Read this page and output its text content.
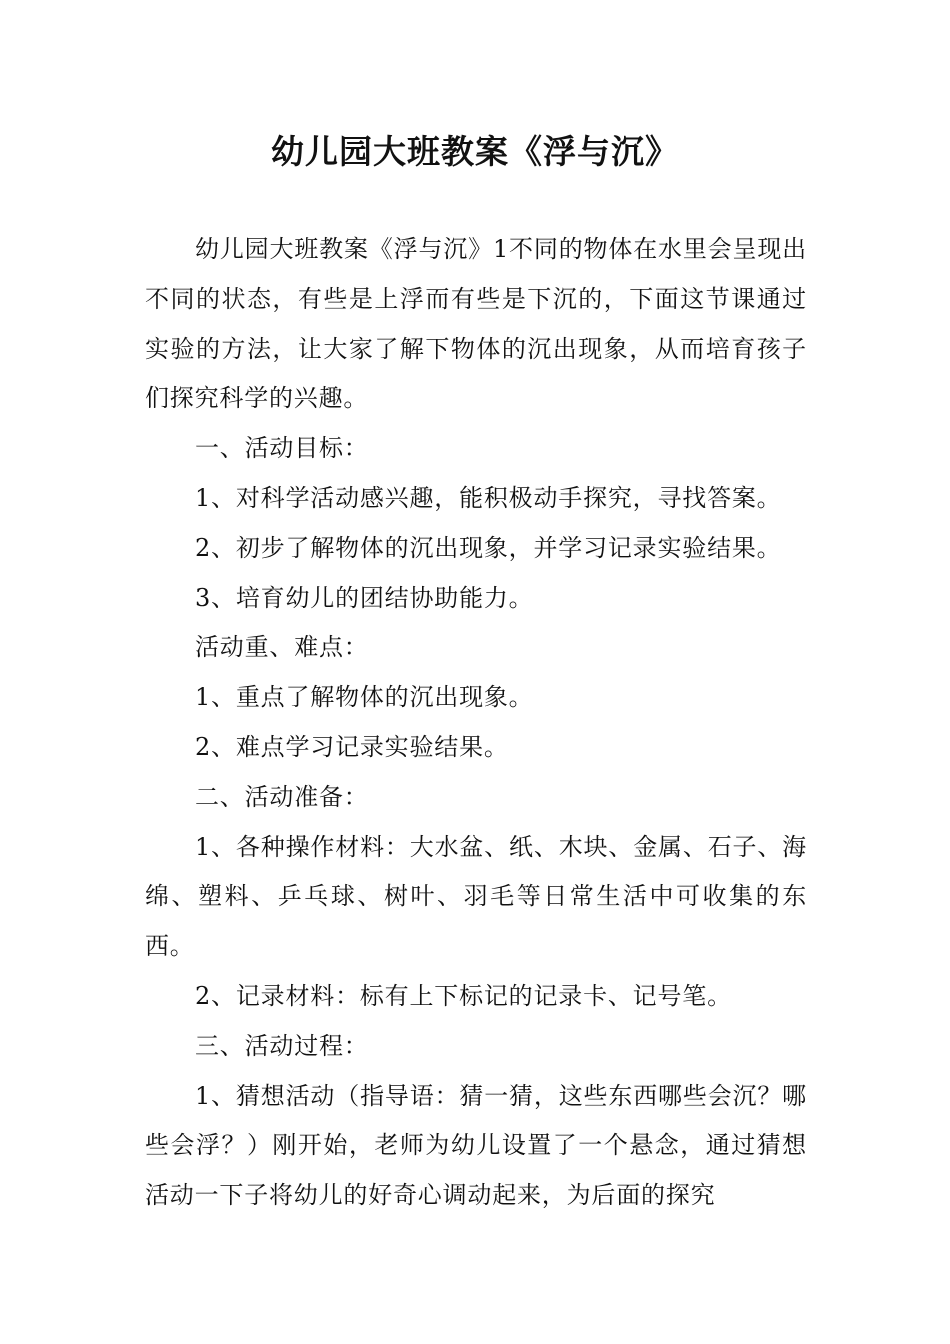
幼儿园大班教案《浮与沉》

幼儿园大班教案《浮与沉》1不同的物体在水里会呈现出不同的状态，有些是上浮而有些是下沉的，下面这节课通过实验的方法，让大家了解下物体的沉出现象，从而培育孩子们探究科学的兴趣。

一、活动目标：

1、对科学活动感兴趣，能积极动手探究，寻找答案。

2、初步了解物体的沉出现象，并学习记录实验结果。

3、培育幼儿的团结协助能力。

活动重、难点：

1、重点了解物体的沉出现象。

2、难点学习记录实验结果。

二、活动准备：

1、各种操作材料：大水盆、纸、木块、金属、石子、海绵、塑料、乒乓球、树叶、羽毛等日常生活中可收集的东西。

2、记录材料：标有上下标记的记录卡、记号笔。

三、活动过程：

1、猜想活动（指导语：猜一猜，这些东西哪些会沉？哪些会浮？）刚开始，老师为幼儿设置了一个悬念，通过猜想活动一下子将幼儿的好奇心调动起来，为后面的探究
